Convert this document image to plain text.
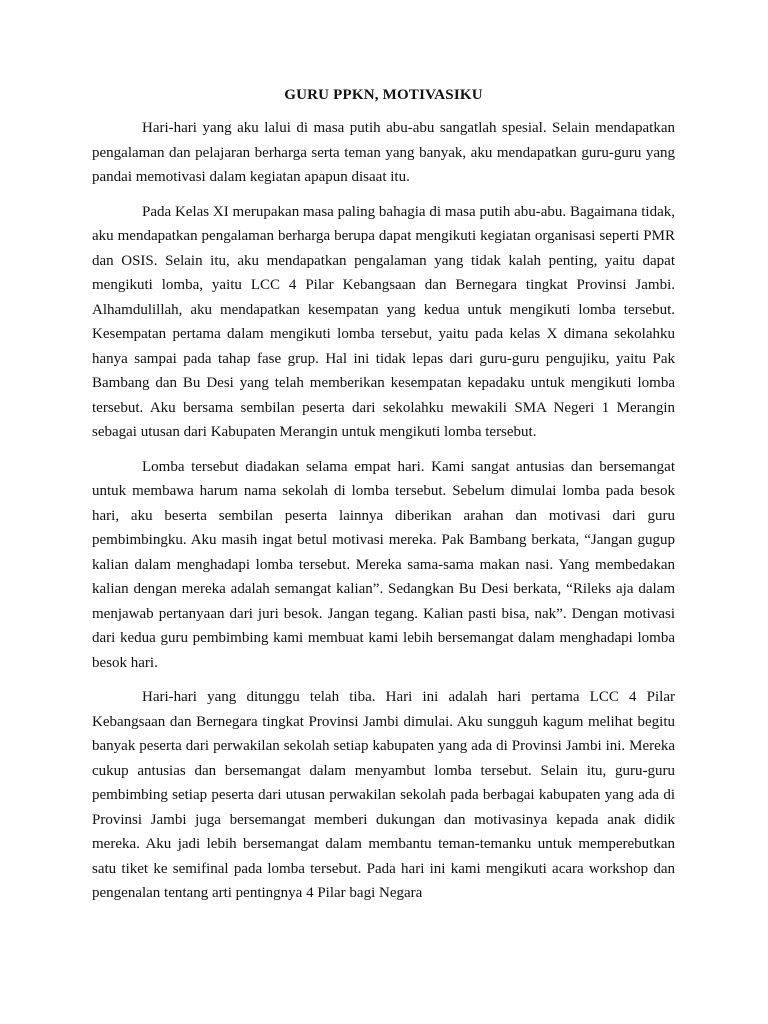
GURU PPKN, MOTIVASIKU

Hari-hari yang aku lalui di masa putih abu-abu sangatlah spesial. Selain mendapatkan pengalaman dan pelajaran berharga serta teman yang banyak, aku mendapatkan guru-guru yang pandai memotivasi dalam kegiatan apapun disaat itu.

Pada Kelas XI merupakan masa paling bahagia di masa putih abu-abu. Bagaimana tidak, aku mendapatkan pengalaman berharga berupa dapat mengikuti kegiatan organisasi seperti PMR dan OSIS. Selain itu, aku mendapatkan pengalaman yang tidak kalah penting, yaitu dapat mengikuti lomba, yaitu LCC 4 Pilar Kebangsaan dan Bernegara tingkat Provinsi Jambi. Alhamdulillah, aku mendapatkan kesempatan yang kedua untuk mengikuti lomba tersebut. Kesempatan pertama dalam mengikuti lomba tersebut, yaitu pada kelas X dimana sekolahku hanya sampai pada tahap fase grup. Hal ini tidak lepas dari guru-guru pengujiku, yaitu Pak Bambang dan Bu Desi yang telah memberikan kesempatan kepadaku untuk mengikuti lomba tersebut. Aku bersama sembilan peserta dari sekolahku mewakili SMA Negeri 1 Merangin sebagai utusan dari Kabupaten Merangin untuk mengikuti lomba tersebut.

Lomba tersebut diadakan selama empat hari. Kami sangat antusias dan bersemangat untuk membawa harum nama sekolah di lomba tersebut. Sebelum dimulai lomba pada besok hari, aku beserta sembilan peserta lainnya diberikan arahan dan motivasi dari guru pembimbingku. Aku masih ingat betul motivasi mereka. Pak Bambang berkata, “Jangan gugup kalian dalam menghadapi lomba tersebut. Mereka sama-sama makan nasi. Yang membedakan kalian dengan mereka adalah semangat kalian”. Sedangkan Bu Desi berkata, “Rileks aja dalam menjawab pertanyaan dari juri besok. Jangan tegang. Kalian pasti bisa, nak”. Dengan motivasi dari kedua guru pembimbing kami membuat kami lebih bersemangat dalam menghadapi lomba besok hari.

Hari-hari yang ditunggu telah tiba. Hari ini adalah hari pertama LCC 4 Pilar Kebangsaan dan Bernegara tingkat Provinsi Jambi dimulai. Aku sungguh kagum melihat begitu banyak peserta dari perwakilan sekolah setiap kabupaten yang ada di Provinsi Jambi ini. Mereka cukup antusias dan bersemangat dalam menyambut lomba tersebut. Selain itu, guru-guru pembimbing setiap peserta dari utusan perwakilan sekolah pada berbagai kabupaten yang ada di Provinsi Jambi juga bersemangat memberi dukungan dan motivasinya kepada anak didik mereka. Aku jadi lebih bersemangat dalam membantu teman-temanku untuk memperebutkan satu tiket ke semifinal pada lomba tersebut. Pada hari ini kami mengikuti acara workshop dan pengenalan tentang arti pentingnya 4 Pilar bagi Negara
